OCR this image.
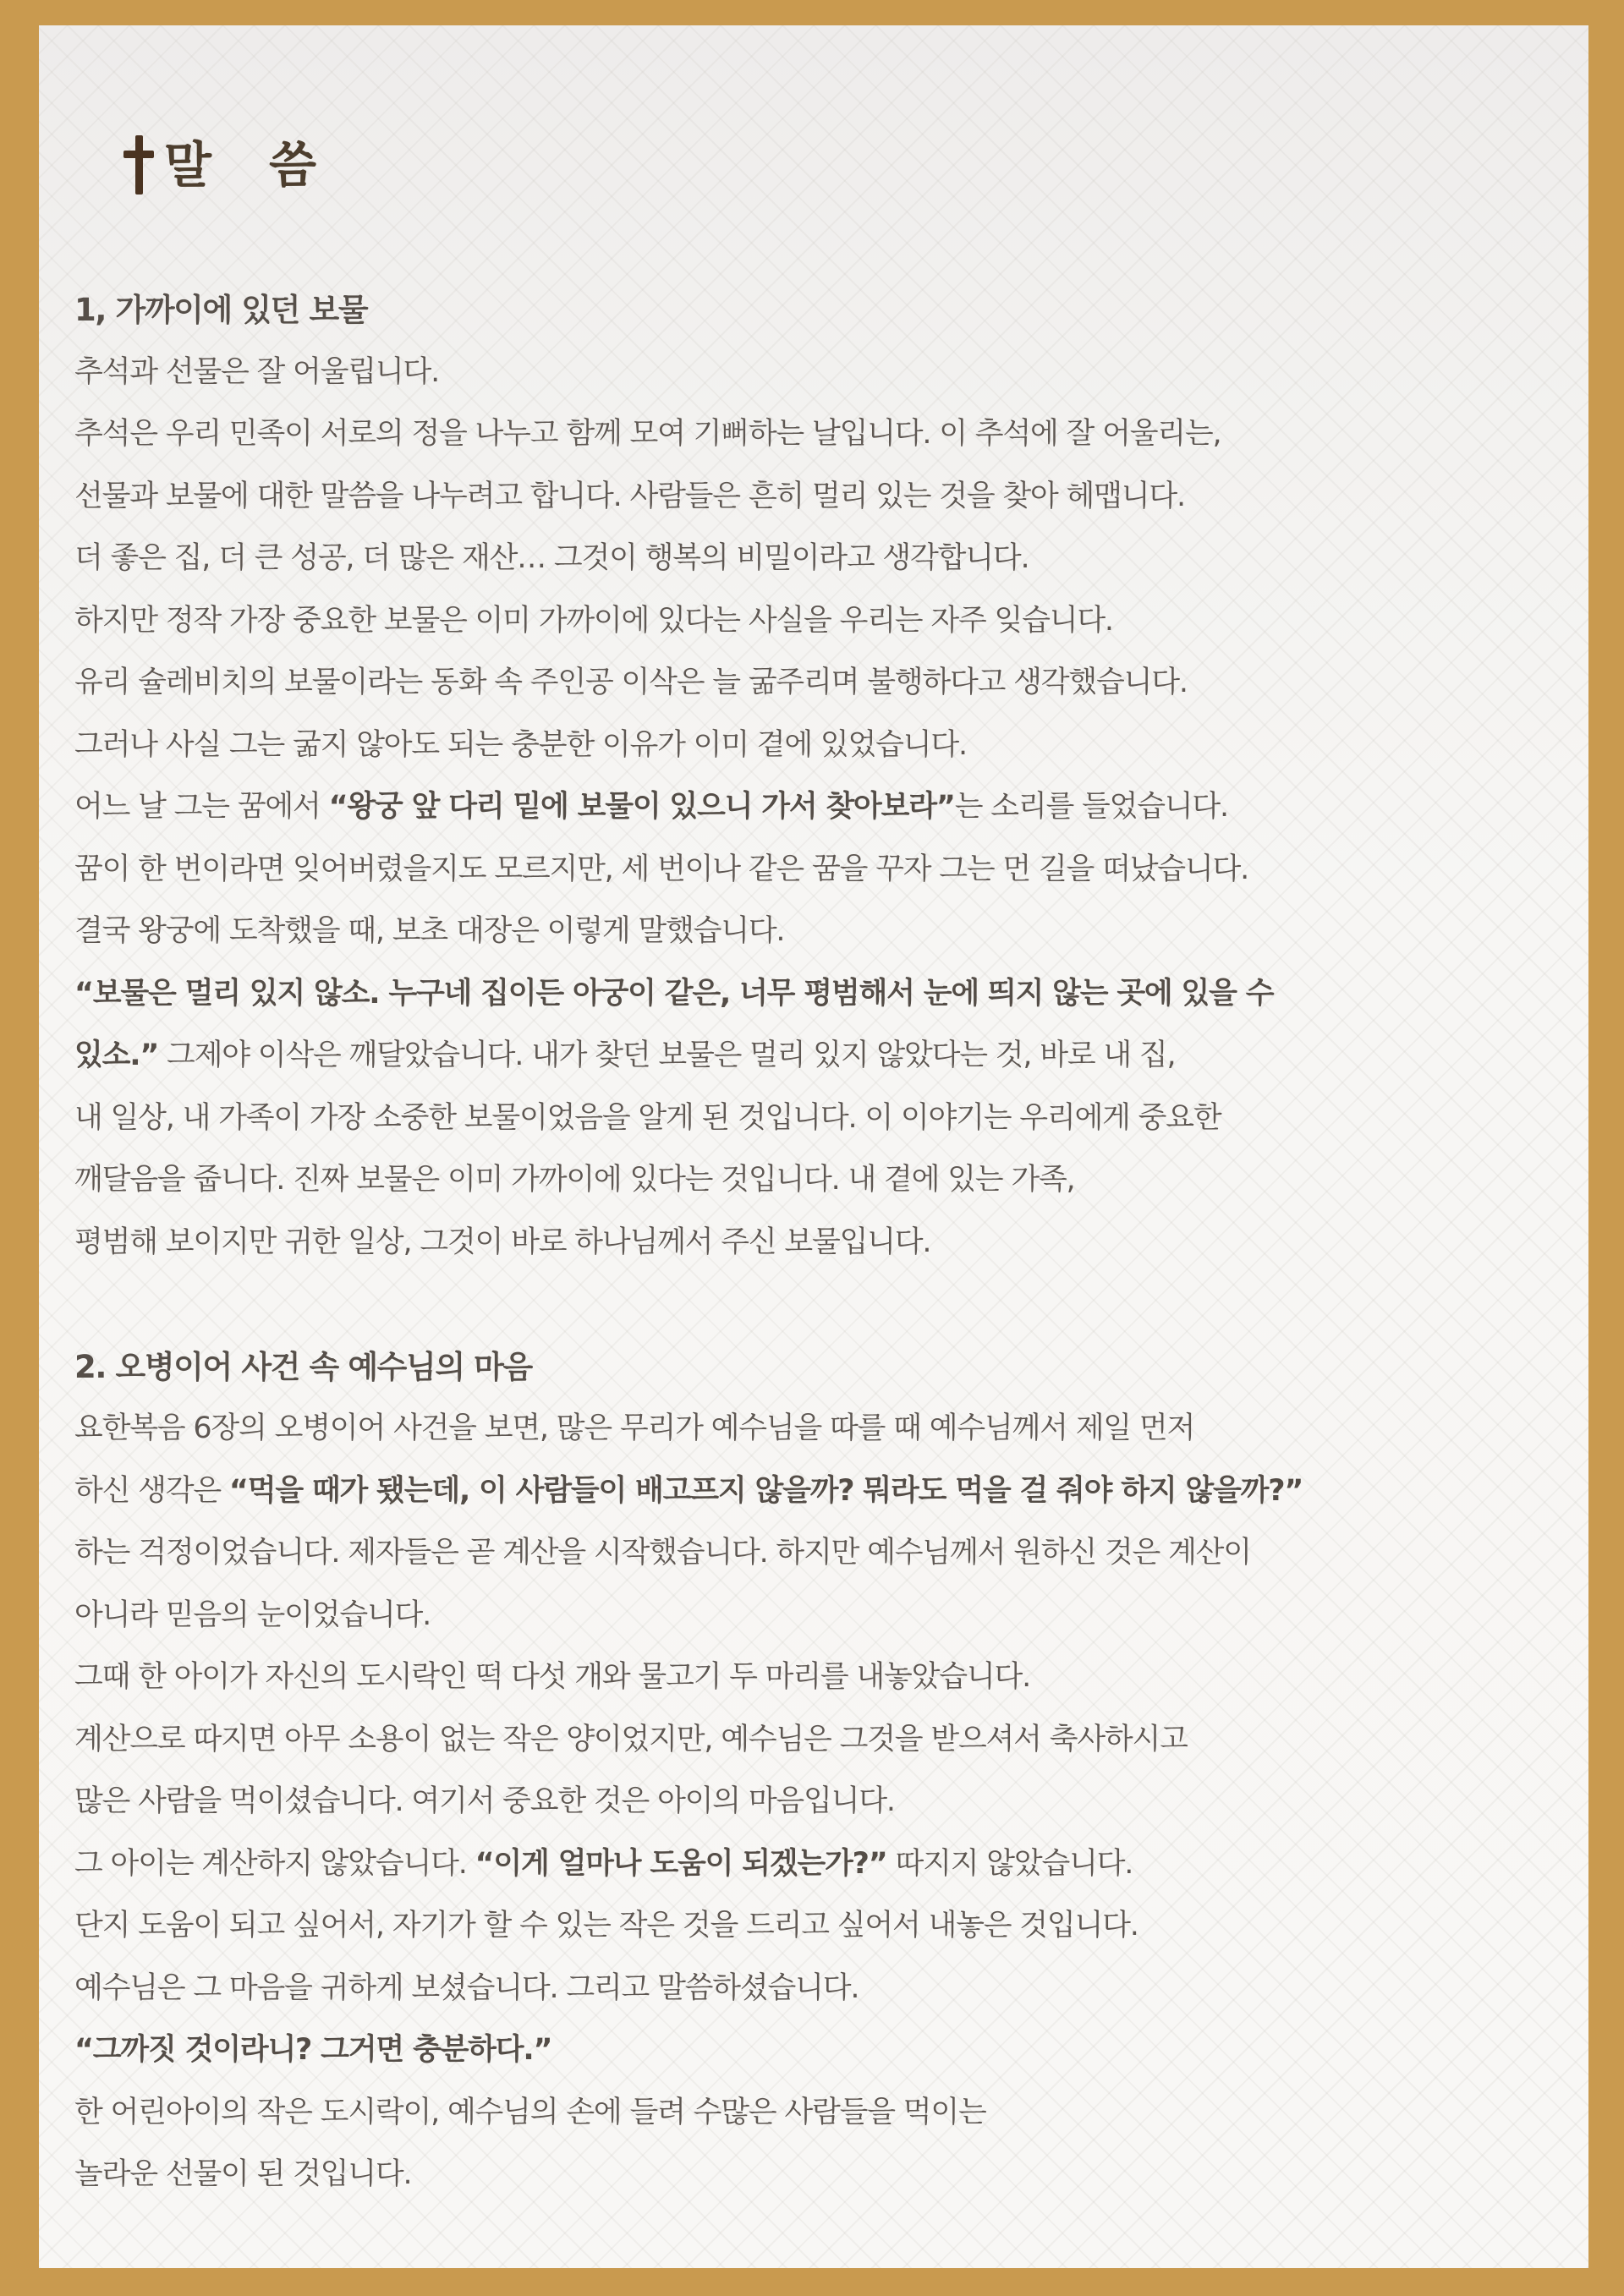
말씀
1, 가까이에 있던 보물
추석과 선물은 잘 어울립니다.
추석은 우리 민족이 서로의 정을 나누고 함께 모여 기뻐하는 날입니다. 이 추석에 잘 어울리는,
선물과 보물에 대한 말씀을 나누려고 합니다. 사람들은 흔히 멀리 있는 것을 찾아 헤맵니다.
더 좋은 집, 더 큰 성공, 더 많은 재산… 그것이 행복의 비밀이라고 생각합니다.
하지만 정작 가장 중요한 보물은 이미 가까이에 있다는 사실을 우리는 자주 잊습니다.
유리 슐레비치의 보물이라는 동화 속 주인공 이삭은 늘 굶주리며 불행하다고 생각했습니다.
그러나 사실 그는 굶지 않아도 되는 충분한 이유가 이미 곁에 있었습니다.
어느 날 그는 꿈에서 “왕궁 앞 다리 밑에 보물이 있으니 가서 찾아보라”는 소리를 들었습니다.
꿈이 한 번이라면 잊어버렸을지도 모르지만, 세 번이나 같은 꿈을 꾸자 그는 먼 길을 떠났습니다.
결국 왕궁에 도착했을 때, 보초 대장은 이렇게 말했습니다.
“보물은 멀리 있지 않소. 누구네 집이든 아궁이 같은, 너무 평범해서 눈에 띄지 않는 곳에 있을 수
있소.” 그제야 이삭은 깨달았습니다. 내가 찾던 보물은 멀리 있지 않았다는 것, 바로 내 집,
내 일상, 내 가족이 가장 소중한 보물이었음을 알게 된 것입니다. 이 이야기는 우리에게 중요한
깨달음을 줍니다. 진짜 보물은 이미 가까이에 있다는 것입니다. 내 곁에 있는 가족,
평범해 보이지만 귀한 일상, 그것이 바로 하나님께서 주신 보물입니다.
2. 오병이어 사건 속 예수님의 마음
요한복음 6장의 오병이어 사건을 보면, 많은 무리가 예수님을 따를 때 예수님께서 제일 먼저
하신 생각은 “먹을 때가 됐는데, 이 사람들이 배고프지 않을까? 뭐라도 먹을 걸 줘야 하지 않을까?”
하는 걱정이었습니다. 제자들은 곧 계산을 시작했습니다. 하지만 예수님께서 원하신 것은 계산이
아니라 믿음의 눈이었습니다.
그때 한 아이가 자신의 도시락인 떡 다섯 개와 물고기 두 마리를 내놓았습니다.
계산으로 따지면 아무 소용이 없는 작은 양이었지만, 예수님은 그것을 받으셔서 축사하시고
많은 사람을 먹이셨습니다. 여기서 중요한 것은 아이의 마음입니다.
그 아이는 계산하지 않았습니다. “이게 얼마나 도움이 되겠는가?” 따지지 않았습니다.
단지 도움이 되고 싶어서, 자기가 할 수 있는 작은 것을 드리고 싶어서 내놓은 것입니다.
예수님은 그 마음을 귀하게 보셨습니다. 그리고 말씀하셨습니다.
“그까짓 것이라니? 그거면 충분하다.”
한 어린아이의 작은 도시락이, 예수님의 손에 들려 수많은 사람들을 먹이는
놀라운 선물이 된 것입니다.
